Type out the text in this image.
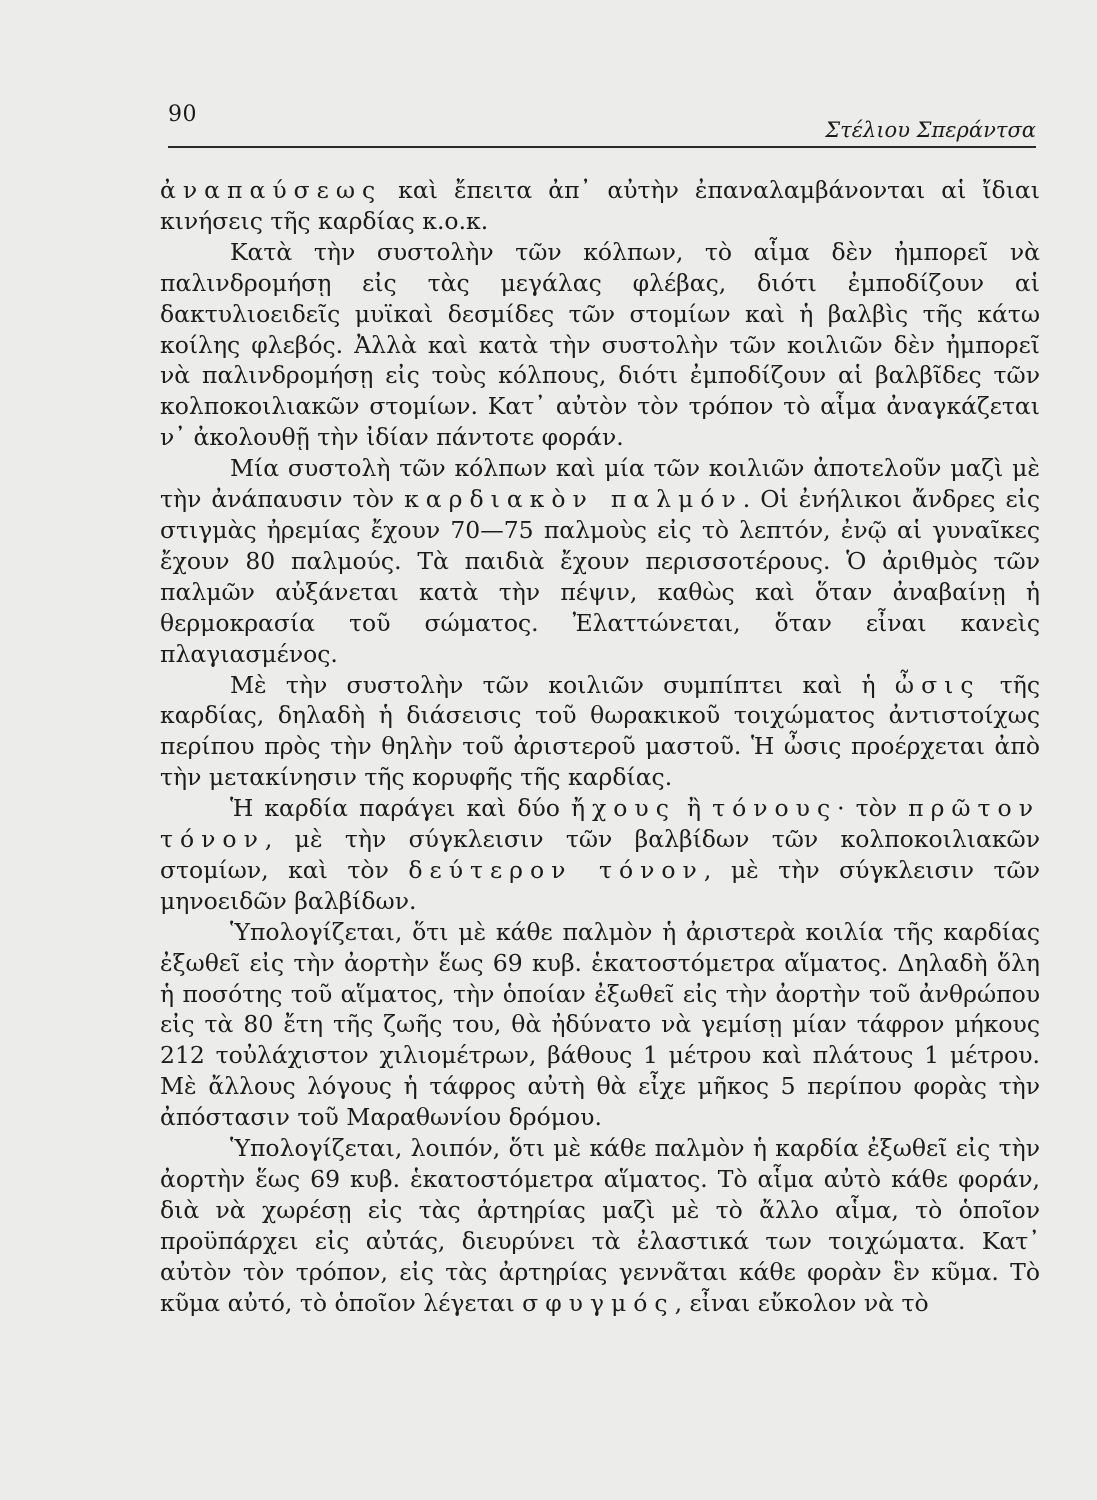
90
Στέλιου Σπεράντσα

ἀναπαύσεως καὶ ἔπειτα ἀπ᾽ αὐτὴν ἐπαναλαμβάνονται αἱ ἴδιαι κινήσεις τῆς καρδίας κ.ο.κ.

Κατὰ τὴν συστολὴν τῶν κόλπων, τὸ αἷμα δὲν ἠμπορεῖ νὰ παλινδρομήσῃ εἰς τὰς μεγάλας φλέβας, διότι ἐμποδίζουν αἱ δακτυλιοειδεῖς μυϊκαὶ δεσμίδες τῶν στομίων καὶ ἡ βαλβὶς τῆς κάτω κοίλης φλεβός. Ἀλλὰ καὶ κατὰ τὴν συστολὴν τῶν κοιλιῶν δὲν ἠμπορεῖ νὰ παλινδρομήσῃ εἰς τοὺς κόλπους, διότι ἐμποδίζουν αἱ βαλβῖδες τῶν κολποκοιλιακῶν στομίων. Κατ᾽ αὐτὸν τὸν τρόπον τὸ αἷμα ἀναγκάζεται ν᾽ ἀκολουθῇ τὴν ἰδίαν πάντοτε φοράν.

Μία συστολὴ τῶν κόλπων καὶ μία τῶν κοιλιῶν ἀποτελοῦν μαζὶ μὲ τὴν ἀνάπαυσιν τὸν καρδιακὸν παλμόν. Οἱ ἐνήλικοι ἄνδρες εἰς στιγμὰς ἠρεμίας ἔχουν 70—75 παλμοὺς εἰς τὸ λεπτόν, ἐνῷ αἱ γυναῖκες ἔχουν 80 παλμούς. Τὰ παιδιὰ ἔχουν περισσοτέρους. Ὁ ἀριθμὸς τῶν παλμῶν αὐξάνεται κατὰ τὴν πέψιν, καθὼς καὶ ὅταν ἀναβαίνῃ ἡ θερμοκρασία τοῦ σώματος. Ἐλαττώνεται, ὅταν εἶναι κανεὶς πλαγιασμένος.

Μὲ τὴν συστολὴν τῶν κοιλιῶν συμπίπτει καὶ ἡ ὦσις τῆς καρδίας, δηλαδὴ ἡ διάσεισις τοῦ θωρακικοῦ τοιχώματος ἀντιστοίχως περίπου πρὸς τὴν θηλὴν τοῦ ἀριστεροῦ μαστοῦ. Ἡ ὦσις προέρχεται ἀπὸ τὴν μετακίνησιν τῆς κορυφῆς τῆς καρδίας.

Ἡ καρδία παράγει καὶ δύο ἤχους ἢ τόνους· τὸν πρῶτον τόνον, μὲ τὴν σύγκλεισιν τῶν βαλβίδων τῶν κολποκοιλιακῶν στομίων, καὶ τὸν δεύτερον τόνον, μὲ τὴν σύγκλεισιν τῶν μηνοειδῶν βαλβίδων.

Ὑπολογίζεται, ὅτι μὲ κάθε παλμὸν ἡ ἀριστερὰ κοιλία τῆς καρδίας ἐξωθεῖ εἰς τὴν ἀορτὴν ἕως 69 κυβ. ἑκατοστόμετρα αἵματος. Δηλαδὴ ὅλη ἡ ποσότης τοῦ αἵματος, τὴν ὁποίαν ἐξωθεῖ εἰς τὴν ἀορτὴν τοῦ ἀνθρώπου εἰς τὰ 80 ἔτη τῆς ζωῆς του, θὰ ἠδύνατο νὰ γεμίσῃ μίαν τάφρον μήκους 212 τοὐλάχιστον χιλιομέτρων, βάθους 1 μέτρου καὶ πλάτους 1 μέτρου. Μὲ ἄλλους λόγους ἡ τάφρος αὐτὴ θὰ εἶχε μῆκος 5 περίπου φορὰς τὴν ἀπόστασιν τοῦ Μαραθωνίου δρόμου.

Ὑπολογίζεται, λοιπόν, ὅτι μὲ κάθε παλμὸν ἡ καρδία ἐξωθεῖ εἰς τὴν ἀορτὴν ἕως 69 κυβ. ἑκατοστόμετρα αἵματος. Τὸ αἷμα αὐτὸ κάθε φοράν, διὰ νὰ χωρέσῃ εἰς τὰς ἀρτηρίας μαζὶ μὲ τὸ ἄλλο αἷμα, τὸ ὁποῖον προϋπάρχει εἰς αὐτάς, διευρύνει τὰ ἐλαστικά των τοιχώματα. Κατ᾽ αὐτὸν τὸν τρόπον, εἰς τὰς ἀρτηρίας γεννᾶται κάθε φορὰν ἓν κῦμα. Τὸ κῦμα αὐτό, τὸ ὁποῖον λέγεται σφυγμός, εἶναι εὔκολον νὰ τὸ
